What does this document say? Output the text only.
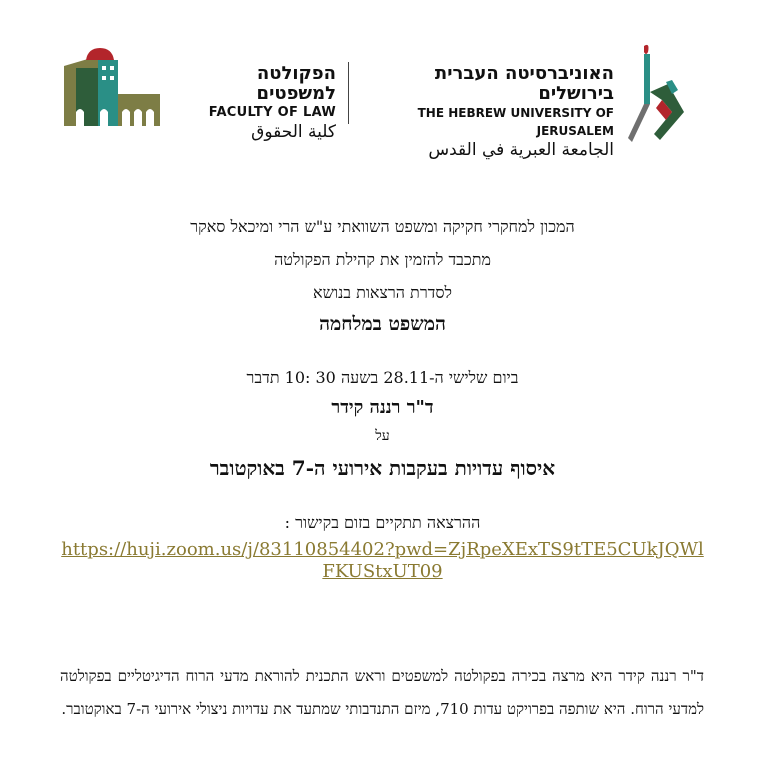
הפקולטה למשפטים
FACULTY OF LAW
كلية الحقوق
האוניברסיטה העברית בירושלים
THE HEBREW UNIVERSITY OF JERUSALEM
الجامعة العبرية في القدس
המכון למחקרי חקיקה ומשפט השוואתי ע"ש הרי ומיכאל סאקר
מתכבד להזמין את קהילת הפקולטה
לסדרת הרצאות בנושא
המשפט במלחמה
ביום שלישי ה-28.11 בשעה 30 :10 תדבר
ד"ר רננה קידר
על
איסוף עדויות בעקבות אירועי ה-7 באוקטובר
ההרצאה תתקיים בזום בקישור :
https://huji.zoom.us/j/83110854402?pwd=ZjRpeXExTS9tTE5CUkJQWlFKUStxUT09
ד"ר רננה קידר היא מרצה בכירה בפקולטה למשפטים וראש התכנית להוראת מדעי הרוח הדיגיטליים בפקולטה למדעי הרוח. היא שותפה בפרויקט עדות 710, מיזם התנדבותי שמתעד את עדויות ניצולי אירועי ה-7 באוקטובר.
